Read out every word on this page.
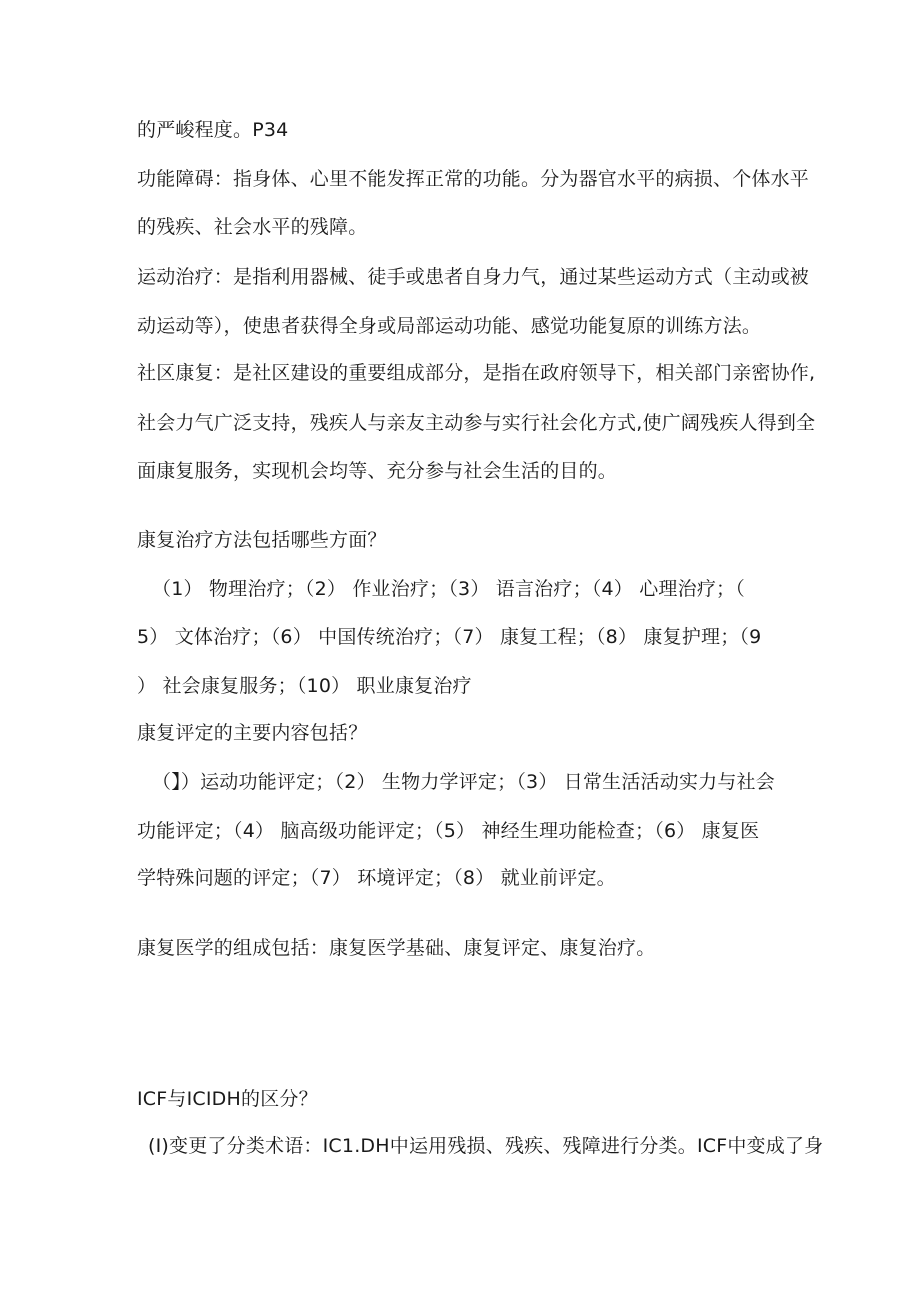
的严峻程度。P34
功能障碍：指身体、心里不能发挥正常的功能。分为器官水平的病损、个体水平
的残疾、社会水平的残障。
运动治疗：是指利用器械、徒手或患者自身力气，通过某些运动方式（主动或被
动运动等），使患者获得全身或局部运动功能、感觉功能复原的训练方法。
社区康复：是社区建设的重要组成部分，是指在政府领导下，相关部门亲密协作,
社会力气广泛支持，残疾人与亲友主动参与实行社会化方式,使广阔残疾人得到全
面康复服务，实现机会均等、充分参与社会生活的目的。
康复治疗方法包括哪些方面？
（1） 物理治疗；（2） 作业治疗；（3） 语言治疗；（4） 心理治疗；（
5） 文体治疗；（6） 中国传统治疗；（7） 康复工程；（8） 康复护理；（9
） 社会康复服务；（10） 职业康复治疗
康复评定的主要内容包括？
（】）运动功能评定；（2） 生物力学评定；（3） 日常生活活动实力与社会
功能评定；（4） 脑高级功能评定；（5） 神经生理功能检查；（6） 康复医
学特殊问题的评定；（7） 环境评定；（8） 就业前评定。
康复医学的组成包括：康复医学基础、康复评定、康复治疗。
ICF与ICIDH的区分？
(I)变更了分类术语：IC1.DH中运用残损、残疾、残障进行分类。ICF中变成了身
